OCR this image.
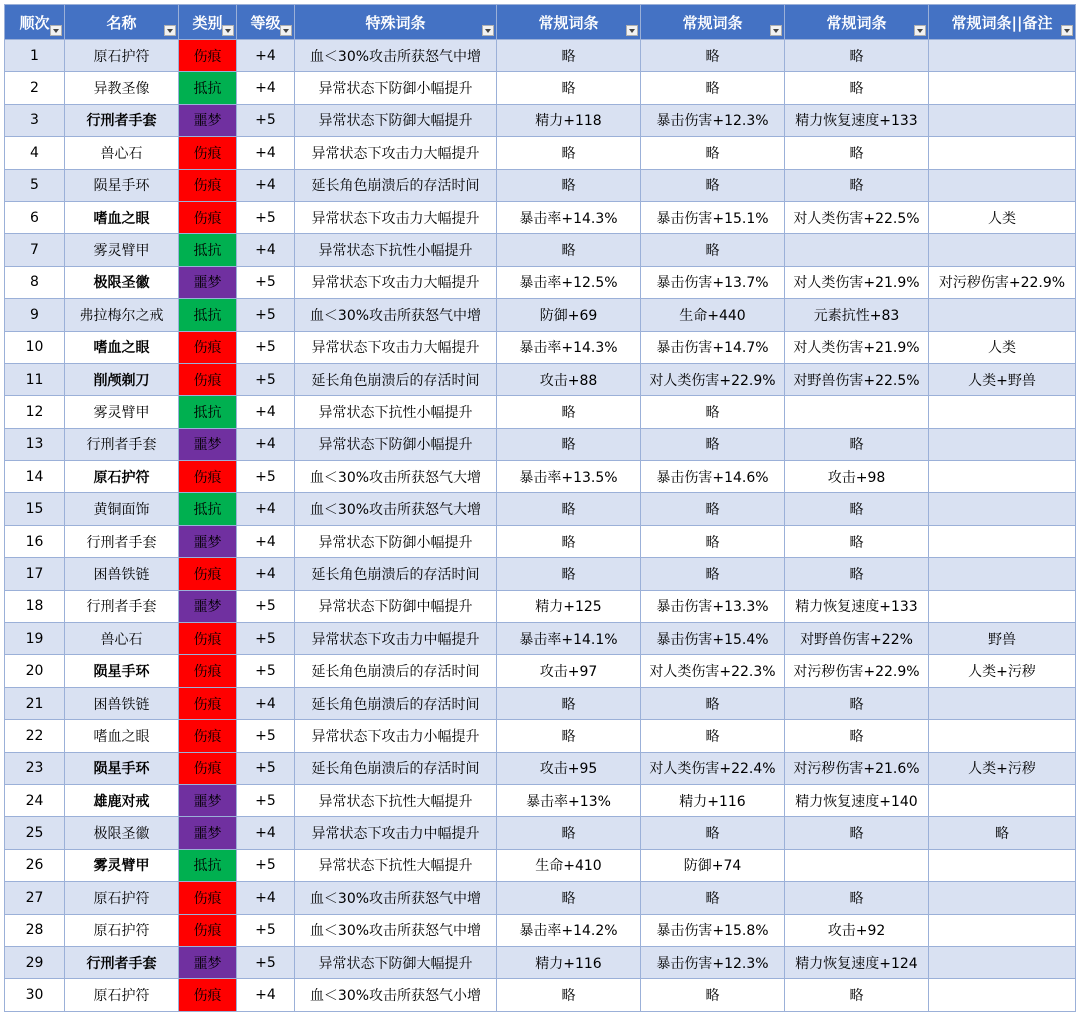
顺次	名称	类别	等级	特殊词条	常规词条	常规词条	常规词条	常规词条||备注

1	原石护符	伤痕	+4	血＜30%攻击所获怒气中增	略	略	略	
2	异教圣像	抵抗	+4	异常状态下防御小幅提升	略	略	略	
3	行刑者手套	噩梦	+5	异常状态下防御大幅提升	精力+118	暴击伤害+12.3%	精力恢复速度+133	
4	兽心石	伤痕	+4	异常状态下攻击力大幅提升	略	略	略	
5	陨星手环	伤痕	+4	延长角色崩溃后的存活时间	略	略	略	
6	嗜血之眼	伤痕	+5	异常状态下攻击力大幅提升	暴击率+14.3%	暴击伤害+15.1%	对人类伤害+22.5%	人类
7	雾灵臂甲	抵抗	+4	异常状态下抗性小幅提升	略	略		
8	极限圣徽	噩梦	+5	异常状态下攻击力大幅提升	暴击率+12.5%	暴击伤害+13.7%	对人类伤害+21.9%	对污秽伤害+22.9%
9	弗拉梅尔之戒	抵抗	+5	血＜30%攻击所获怒气中增	防御+69	生命+440	元素抗性+83	
10	嗜血之眼	伤痕	+5	异常状态下攻击力大幅提升	暴击率+14.3%	暴击伤害+14.7%	对人类伤害+21.9%	人类
11	削颅剃刀	伤痕	+5	延长角色崩溃后的存活时间	攻击+88	对人类伤害+22.9%	对野兽伤害+22.5%	人类+野兽
12	雾灵臂甲	抵抗	+4	异常状态下抗性小幅提升	略	略		
13	行刑者手套	噩梦	+4	异常状态下防御小幅提升	略	略	略	
14	原石护符	伤痕	+5	血＜30%攻击所获怒气大增	暴击率+13.5%	暴击伤害+14.6%	攻击+98	
15	黄铜面饰	抵抗	+4	血＜30%攻击所获怒气大增	略	略	略	
16	行刑者手套	噩梦	+4	异常状态下防御小幅提升	略	略	略	
17	困兽铁链	伤痕	+4	延长角色崩溃后的存活时间	略	略	略	
18	行刑者手套	噩梦	+5	异常状态下防御中幅提升	精力+125	暴击伤害+13.3%	精力恢复速度+133	
19	兽心石	伤痕	+5	异常状态下攻击力中幅提升	暴击率+14.1%	暴击伤害+15.4%	对野兽伤害+22%	野兽
20	陨星手环	伤痕	+5	延长角色崩溃后的存活时间	攻击+97	对人类伤害+22.3%	对污秽伤害+22.9%	人类+污秽
21	困兽铁链	伤痕	+4	延长角色崩溃后的存活时间	略	略	略	
22	嗜血之眼	伤痕	+5	异常状态下攻击力小幅提升	略	略	略	
23	陨星手环	伤痕	+5	延长角色崩溃后的存活时间	攻击+95	对人类伤害+22.4%	对污秽伤害+21.6%	人类+污秽
24	雄鹿对戒	噩梦	+5	异常状态下抗性大幅提升	暴击率+13%	精力+116	精力恢复速度+140	
25	极限圣徽	噩梦	+4	异常状态下攻击力中幅提升	略	略	略	略
26	雾灵臂甲	抵抗	+5	异常状态下抗性大幅提升	生命+410	防御+74		
27	原石护符	伤痕	+4	血＜30%攻击所获怒气中增	略	略	略	
28	原石护符	伤痕	+5	血＜30%攻击所获怒气中增	暴击率+14.2%	暴击伤害+15.8%	攻击+92	
29	行刑者手套	噩梦	+5	异常状态下防御大幅提升	精力+116	暴击伤害+12.3%	精力恢复速度+124	
30	原石护符	伤痕	+4	血＜30%攻击所获怒气小增	略	略	略	
